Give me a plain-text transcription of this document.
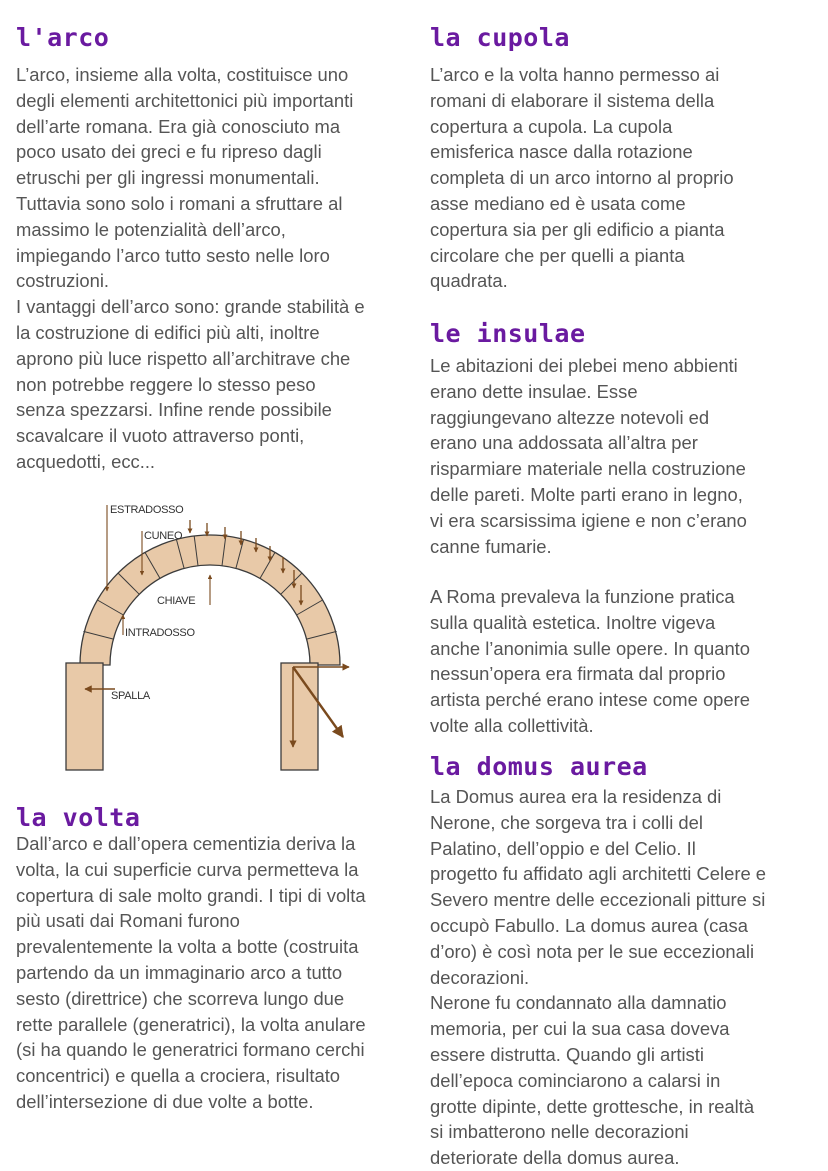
l'arco
L’arco, insieme alla volta, costituisce uno
degli elementi architettonici più importanti
dell’arte romana. Era già conosciuto ma
poco usato dei greci e fu ripreso dagli
etruschi per gli ingressi monumentali.
Tuttavia sono solo i romani a sfruttare al
massimo le potenzialità dell’arco,
impiegando l’arco tutto sesto nelle loro
costruzioni.
I vantaggi dell’arco sono: grande stabilità e
la costruzione di edifici più alti, inoltre
aprono più luce rispetto all’architrave che
non potrebbe reggere lo stesso peso
senza spezzarsi. Infine rende possibile
scavalcare il vuoto attraverso ponti,
acquedotti, ecc...
ESTRADOSSO
CUNEO
CHIAVE
INTRADOSSO
SPALLA
la volta
Dall’arco e dall’opera cementizia deriva la
volta, la cui superficie curva permetteva la
copertura di sale molto grandi. I tipi di volta
più usati dai Romani furono
prevalentemente la volta a botte (costruita
partendo da un immaginario arco a tutto
sesto (direttrice) che scorreva lungo due
rette parallele (generatrici), la volta anulare
(si ha quando le generatrici formano cerchi
concentrici) e quella a crociera, risultato
dell’intersezione di due volte a botte.
la cupola
L’arco e la volta hanno permesso ai
romani di elaborare il sistema della
copertura a cupola. La cupola
emisferica nasce dalla rotazione
completa di un arco intorno al proprio
asse mediano ed è usata come
copertura sia per gli edificio a pianta
circolare che per quelli a pianta
quadrata.
le insulae
Le abitazioni dei plebei meno abbienti
erano dette insulae. Esse
raggiungevano altezze notevoli ed
erano una addossata all’altra per
risparmiare materiale nella costruzione
delle pareti. Molte parti erano in legno,
vi era scarsissima igiene e non c’erano
canne fumarie.
A Roma prevaleva la funzione pratica
sulla qualità estetica. Inoltre vigeva
anche l’anonimia sulle opere. In quanto
nessun’opera era firmata dal proprio
artista perché erano intese come opere
volte alla collettività.
la domus aurea
La Domus aurea era la residenza di
Nerone, che sorgeva tra i colli del
Palatino, dell’oppio e del Celio. Il
progetto fu affidato agli architetti Celere e
Severo mentre delle eccezionali pitture si
occupò Fabullo. La domus aurea (casa
d’oro) è così nota per le sue eccezionali
decorazioni.
Nerone fu condannato alla damnatio
memoria, per cui la sua casa doveva
essere distrutta. Quando gli artisti
dell’epoca cominciarono a calarsi in
grotte dipinte, dette grottesche, in realtà
si imbatterono nelle decorazioni
deteriorate della domus aurea.
